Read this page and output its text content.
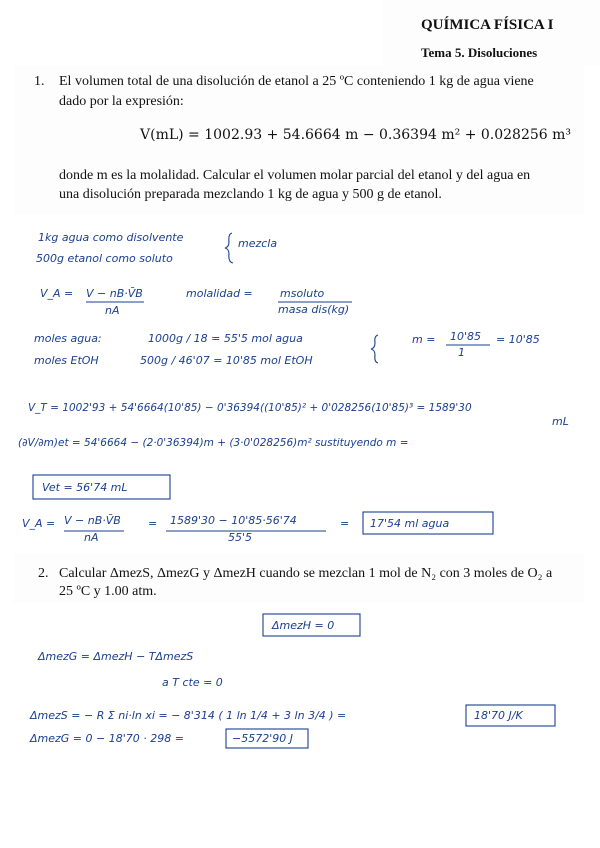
QUÍMICA FÍSICA I
Tema 5. Disoluciones
1. El volumen total de una disolución de etanol a 25 ºC conteniendo 1 kg de agua viene
dado por la expresión:
V(mL) = 1002.93 + 54.6664 m − 0.36394 m² + 0.028256 m³
donde m es la molalidad. Calcular el volumen molar parcial del etanol y del agua en
una disolución preparada mezclando 1 kg de agua y 500 g de etanol.
2. Calcular ΔmezS, ΔmezG y ΔmezH cuando se mezclan 1 mol de N₂ con 3 moles de O₂ a
25 ºC y 1.00 atm.
1kg agua como disolvente
500g etanol como soluto
mezcla
V_A = V − nB·V̄B
nA
molalidad = msoluto
masa dis(kg)
moles agua:	1000g / 18 = 55'5 mol agua
moles EtOH	500g / 46'07 = 10'85 mol EtOH
m = 10'85
1
= 10'85
V_T = 1002'93 + 54'6664(10'85) − 0'36394((10'85)² + 0'028256(10'85)³ = 1589'30
mL
(∂V/∂m)et = 54'6664 − (2·0'36394)m + (3·0'028256)m² sustituyendo m =
Vet = 56'74 mL
V_A = V − nB·V̄B
nA
= 1589'30 − 10'85·56'74
55'5
= 17'54 ml agua
ΔmezH = 0
ΔmezG = ΔmezH − TΔmezS
a T cte = 0
ΔmezS = − R Σ ni·ln xi = − 8'314 ( 1 ln 1/4 + 3 ln 3/4 ) =	18'70 J/K
ΔmezG = 0 − 18'70 · 298 =	−5572'90 J
